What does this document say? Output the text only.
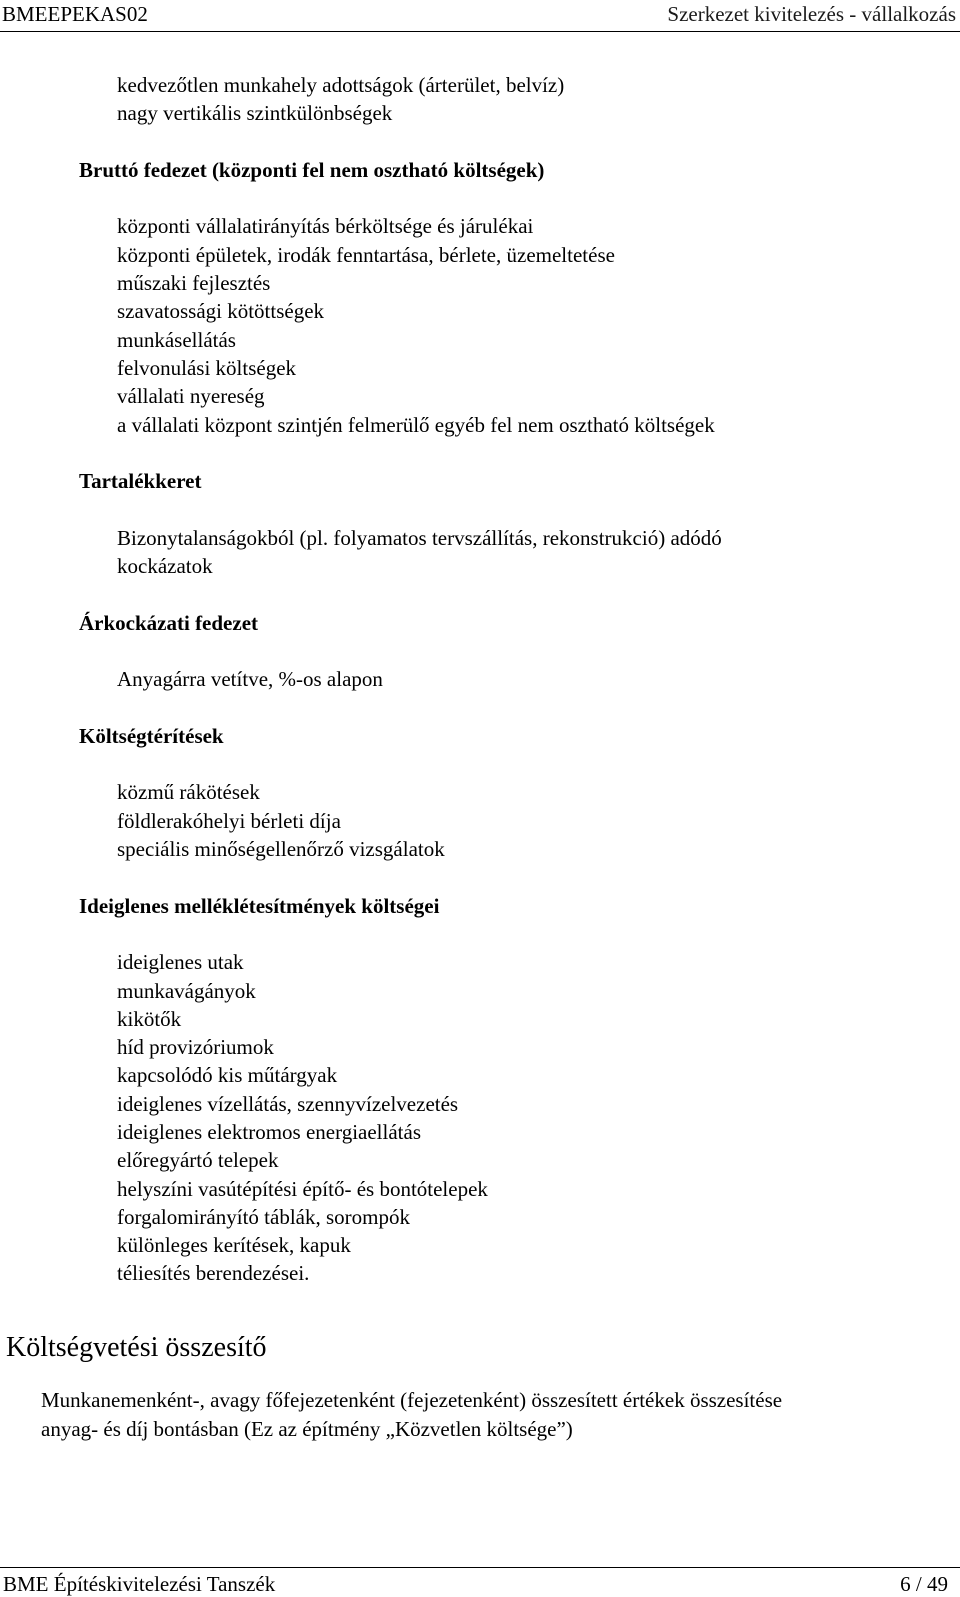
BMEEPEKAS02	Szerkezet kivitelezés - vállalkozás
kedvezőtlen munkahely adottságok (árterület, belvíz)
nagy vertikális szintkülönbségek
Bruttó fedezet (központi fel nem osztható költségek)
központi vállalatirányítás bérköltsége és járulékai
központi épületek, irodák fenntartása, bérlete, üzemeltetése
műszaki fejlesztés
szavatossági kötöttségek
munkásellátás
felvonulási költségek
vállalati nyereség
a vállalati központ szintjén felmerülő egyéb fel nem osztható költségek
Tartalékkeret
Bizonytalanságokból (pl. folyamatos tervszállítás, rekonstrukció) adódó
kockázatok
Árkockázati fedezet
Anyagárra vetítve, %-os alapon
Költségtérítések
közmű rákötések
földlerakóhelyi bérleti díja
speciális minőségellenőrző vizsgálatok
Ideiglenes melléklétesítmények költségei
ideiglenes utak
munkavágányok
kikötők
híd provizóriumok
kapcsolódó kis műtárgyak
ideiglenes vízellátás, szennyvízelvezetés
ideiglenes elektromos energiaellátás
előregyártó telepek
helyszíni vasútépítési építő- és bontótelepek
forgalomirányító táblák, sorompók
különleges kerítések, kapuk
téliesítés berendezései.
Költségvetési összesítő
Munkanemenként-, avagy főfejezetenként (fejezetenként) összesített értékek összesítése
anyag- és díj bontásban (Ez az építmény „Közvetlen költsége”)
BME Építéskivitelezési Tanszék	6 / 49
